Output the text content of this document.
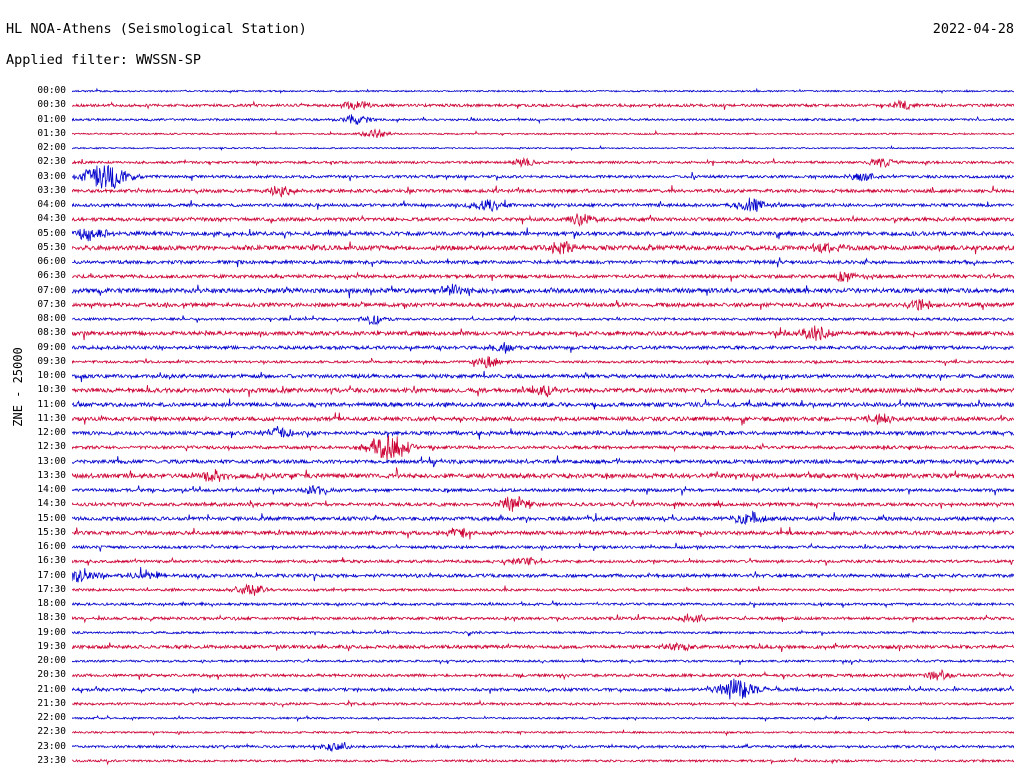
HL NOA-Athens (Seismological Station)	2022-04-28
Applied filter: WWSSN-SP
ZNE - 25000
00:00
00:30
01:00
01:30
02:00
02:30
03:00
03:30
04:00
04:30
05:00
05:30
06:00
06:30
07:00
07:30
08:00
08:30
09:00
09:30
10:00
10:30
11:00
11:30
12:00
12:30
13:00
13:30
14:00
14:30
15:00
15:30
16:00
16:30
17:00
17:30
18:00
18:30
19:00
19:30
20:00
20:30
21:00
21:30
22:00
22:30
23:00
23:30
